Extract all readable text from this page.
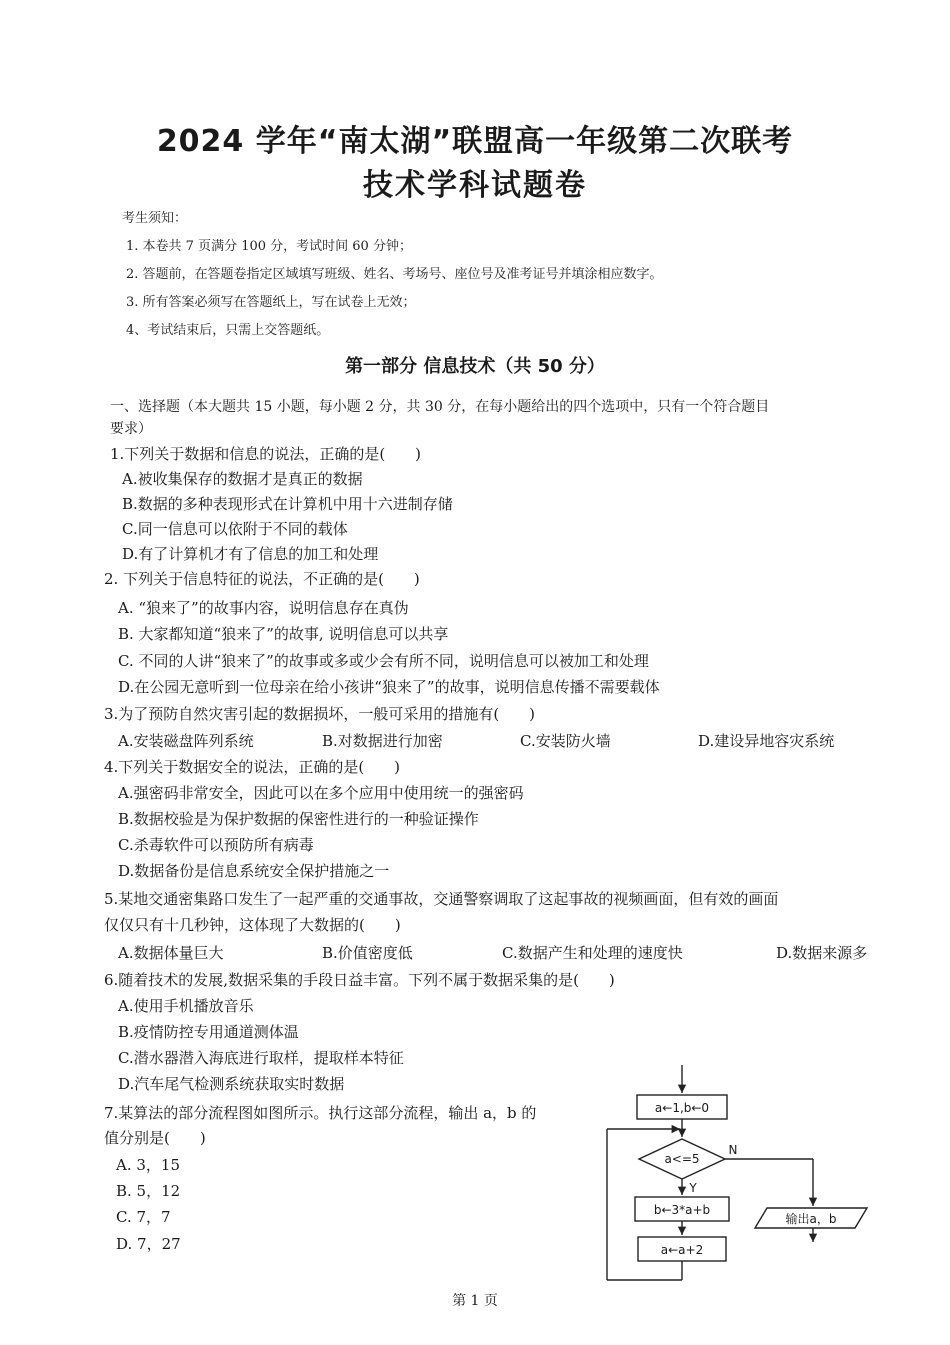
2024 学年“南太湖”联盟高一年级第二次联考
技术学科试题卷
考生须知：
1. 本卷共 7 页满分 100 分，考试时间 60 分钟；
2. 答题前，在答题卷指定区域填写班级、姓名、考场号、座位号及准考证号并填涂相应数字。
3. 所有答案必须写在答题纸上，写在试卷上无效；
4、考试结束后，只需上交答题纸。
第一部分 信息技术（共 50 分）
一、选择题（本大题共 15 小题，每小题 2 分，共 30 分，在每小题给出的四个选项中，只有一个符合题目
要求）
1.下列关于数据和信息的说法，正确的是(　　)
A.被收集保存的数据才是真正的数据
B.数据的多种表现形式在计算机中用十六进制存储
C.同一信息可以依附于不同的载体
D.有了计算机才有了信息的加工和处理
2. 下列关于信息特征的说法，不正确的是(　　)
A. “狼来了”的故事内容，说明信息存在真伪
B. 大家都知道“狼来了”的故事, 说明信息可以共享
C. 不同的人讲“狼来了”的故事或多或少会有所不同，说明信息可以被加工和处理
D.在公园无意听到一位母亲在给小孩讲“狼来了”的故事，说明信息传播不需要载体
3.为了预防自然灾害引起的数据损坏，一般可采用的措施有(　　)
A.安装磁盘阵列系统	B.对数据进行加密	C.安装防火墙	D.建设异地容灾系统
4.下列关于数据安全的说法，正确的是(　　)
A.强密码非常安全，因此可以在多个应用中使用统一的强密码
B.数据校验是为保护数据的保密性进行的一种验证操作
C.杀毒软件可以预防所有病毒
D.数据备份是信息系统安全保护措施之一
5.某地交通密集路口发生了一起严重的交通事故，交通警察调取了这起事故的视频画面，但有效的画面
仅仅只有十几秒钟，这体现了大数据的(　　)
A.数据体量巨大	B.价值密度低	C.数据产生和处理的速度快	D.数据来源多
6.随着技术的发展,数据采集的手段日益丰富。下列不属于数据采集的是(　　)
A.使用手机播放音乐
B.疫情防控专用通道测体温
C.潜水器潜入海底进行取样，提取样本特征
D.汽车尾气检测系统获取实时数据
7.某算法的部分流程图如图所示。执行这部分流程，输出 a，b 的
值分别是(　　)
A. 3，15
B. 5，12
C. 7，7
D. 7，27
a←1,b←0
a<=5
N
Y
b←3*a+b
a←a+2
输出a，b
第 1 页
